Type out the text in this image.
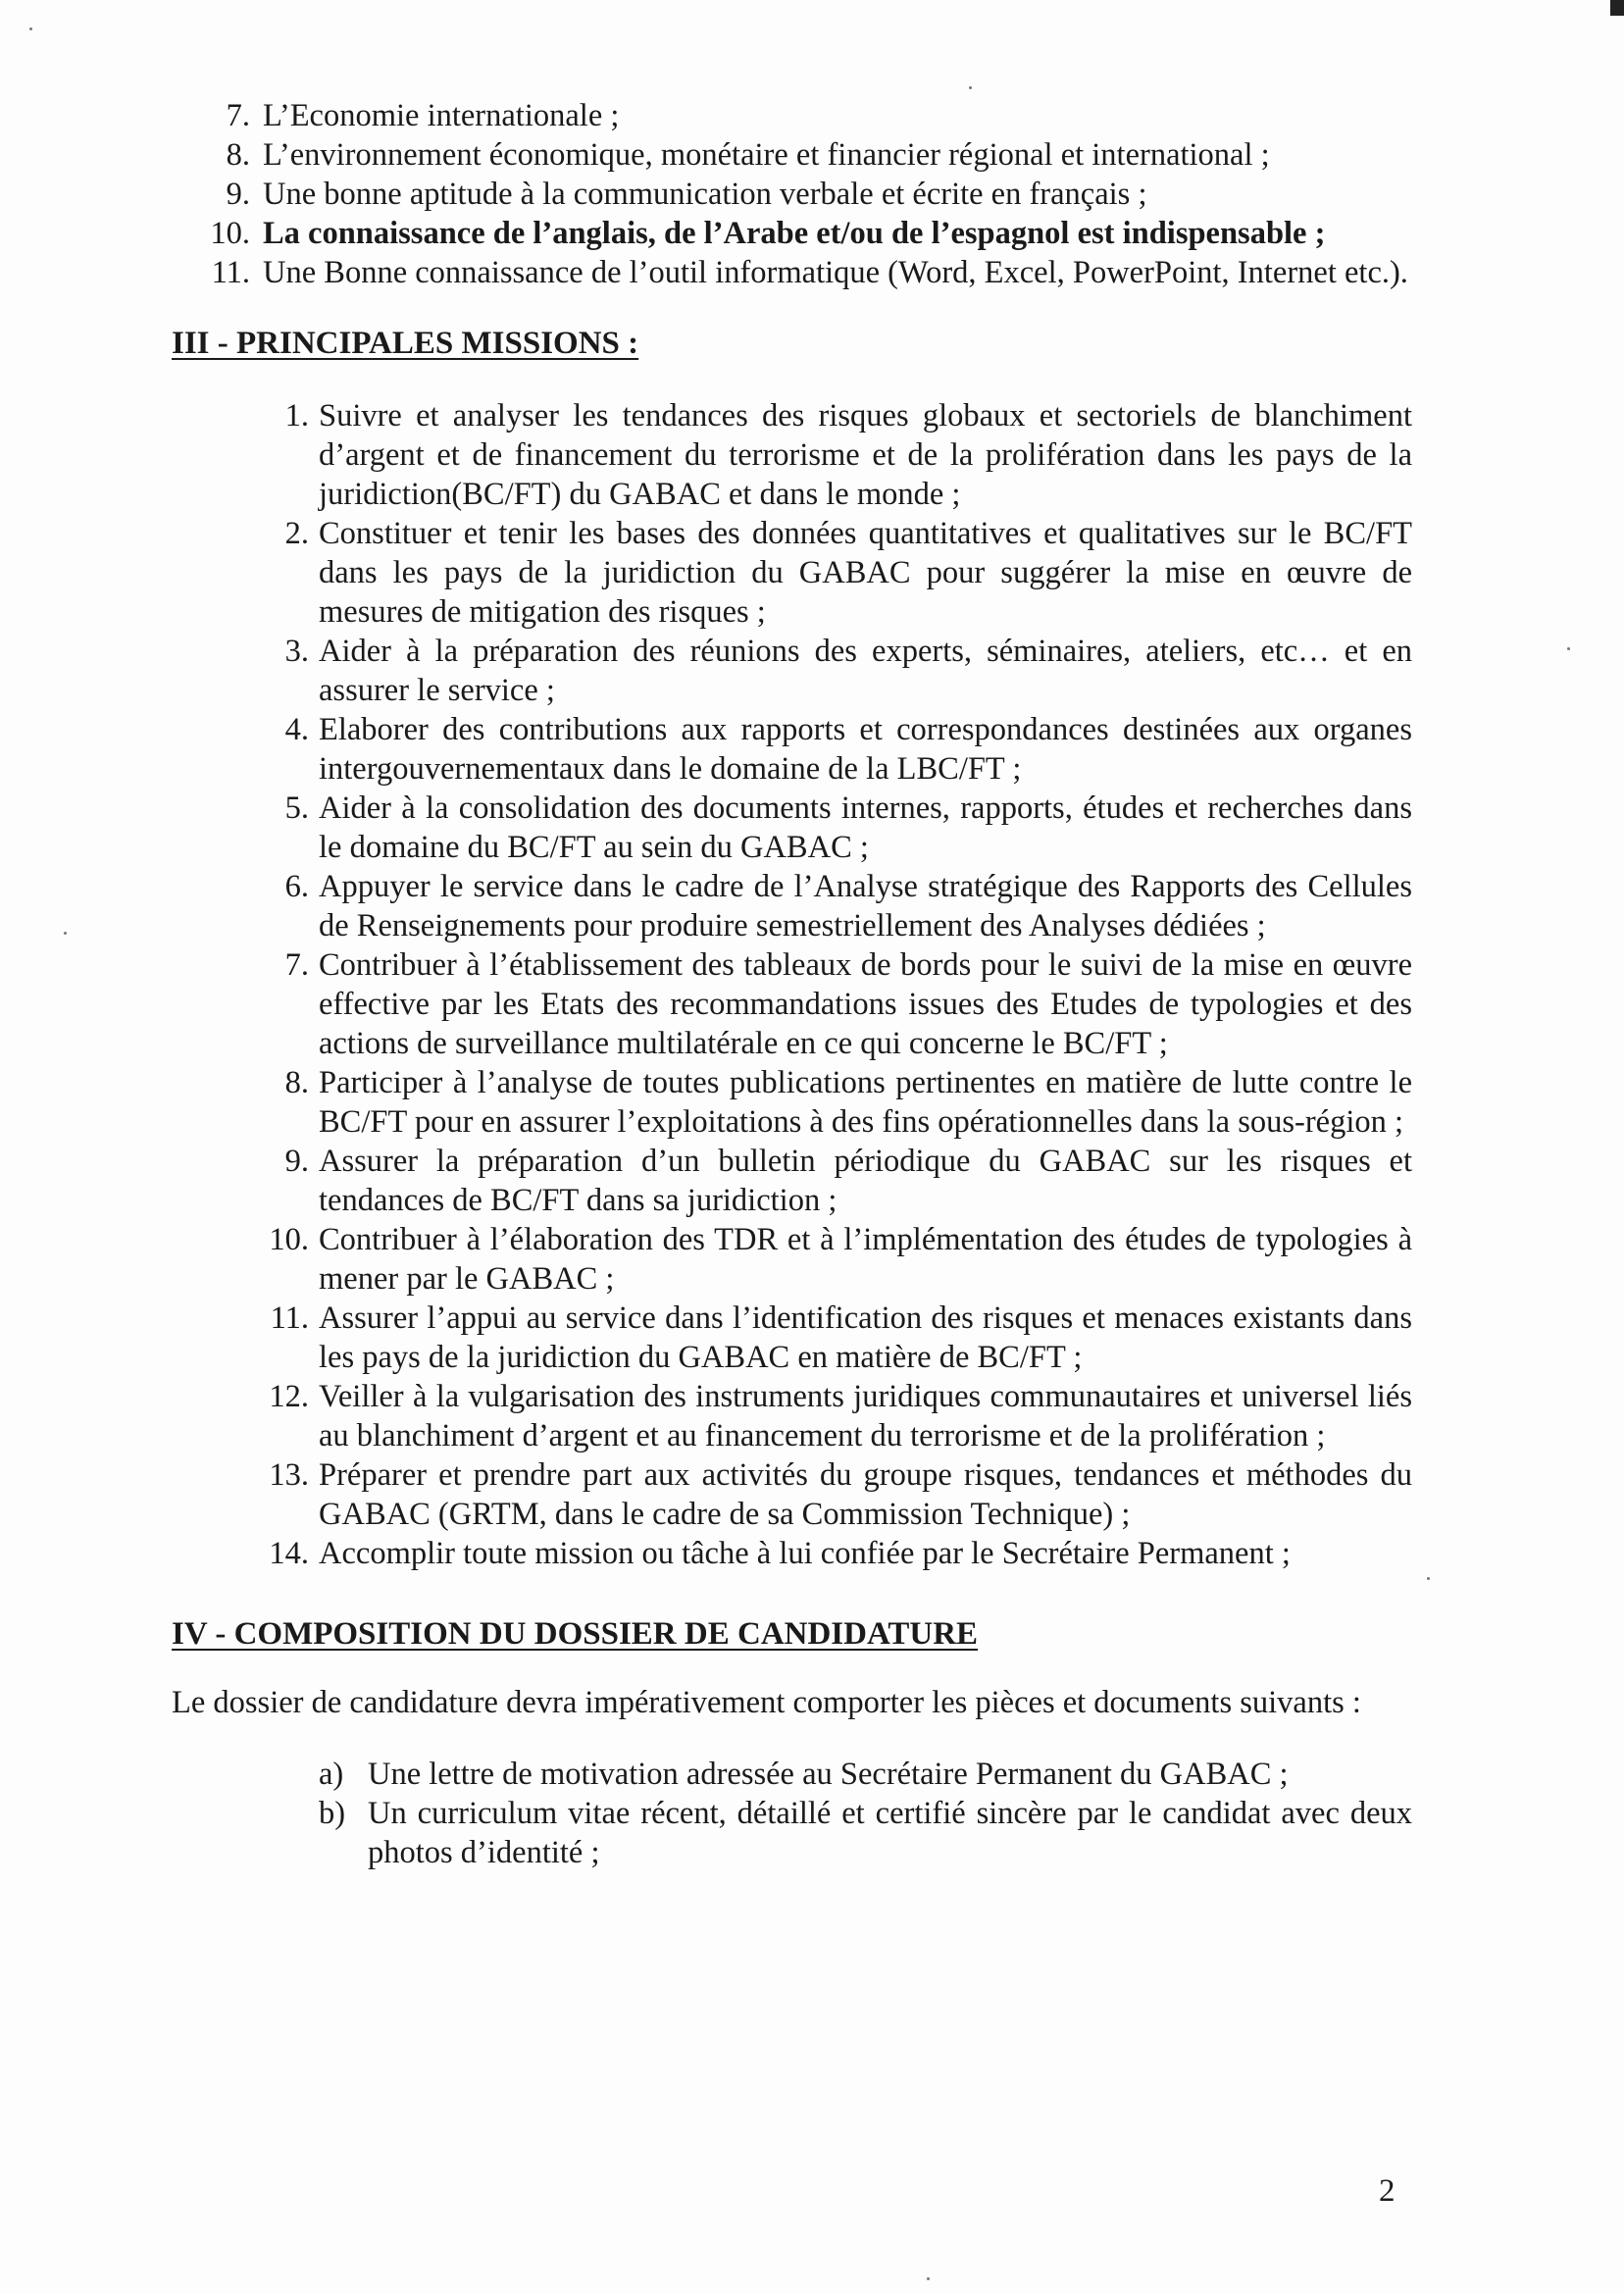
7. L’Economie internationale ;
8. L’environnement économique, monétaire et financier régional et international ;
9. Une bonne aptitude à la communication verbale et écrite en français ;
10. La connaissance de l’anglais, de l’Arabe et/ou de l’espagnol est indispensable ;
11. Une Bonne connaissance de l’outil informatique (Word, Excel, PowerPoint, Internet etc.).
III - PRINCIPALES MISSIONS :
1. Suivre et analyser les tendances des risques globaux et sectoriels de blanchiment d’argent et de financement du terrorisme et de la prolifération dans les pays de la juridiction(BC/FT) du GABAC et dans le monde ;
2. Constituer et tenir les bases des données quantitatives et qualitatives sur le BC/FT dans les pays de la juridiction du GABAC pour suggérer la mise en œuvre de mesures de mitigation des risques ;
3. Aider à la préparation des réunions des experts, séminaires, ateliers, etc… et en assurer le service ;
4. Elaborer des contributions aux rapports et correspondances destinées aux organes intergouvernementaux dans le domaine de la LBC/FT ;
5. Aider à la consolidation des documents internes, rapports, études et recherches dans le domaine du BC/FT au sein du GABAC ;
6. Appuyer le service dans le cadre de l’Analyse stratégique des Rapports des Cellules de Renseignements pour produire semestriellement des Analyses dédiées ;
7. Contribuer à l’établissement des tableaux de bords pour le suivi de la mise en œuvre effective par les Etats des recommandations issues des Etudes de typologies et des actions de surveillance multilatérale en ce qui concerne le BC/FT ;
8. Participer à l’analyse de toutes publications pertinentes en matière de lutte contre le BC/FT pour en assurer l’exploitations à des fins opérationnelles dans la sous-région ;
9. Assurer la préparation d’un bulletin périodique du GABAC sur les risques et tendances de BC/FT dans sa juridiction ;
10. Contribuer à l’élaboration des TDR et à l’implémentation des études de typologies à mener par le GABAC ;
11. Assurer l’appui au service dans l’identification des risques et menaces existants dans les pays de la juridiction du GABAC en matière de BC/FT ;
12. Veiller à la vulgarisation des instruments juridiques communautaires et universel liés au blanchiment d’argent et au financement du terrorisme et de la prolifération ;
13. Préparer et prendre part aux activités du groupe risques, tendances et méthodes du GABAC (GRTM, dans le cadre de sa Commission Technique) ;
14. Accomplir toute mission ou tâche à lui confiée par le Secrétaire Permanent ;
IV - COMPOSITION DU DOSSIER DE CANDIDATURE

Le dossier de candidature devra impérativement comporter les pièces et documents suivants :

a) Une lettre de motivation adressée au Secrétaire Permanent du GABAC ;
b) Un curriculum vitae récent, détaillé et certifié sincère par le candidat avec deux photos d’identité ;
2
